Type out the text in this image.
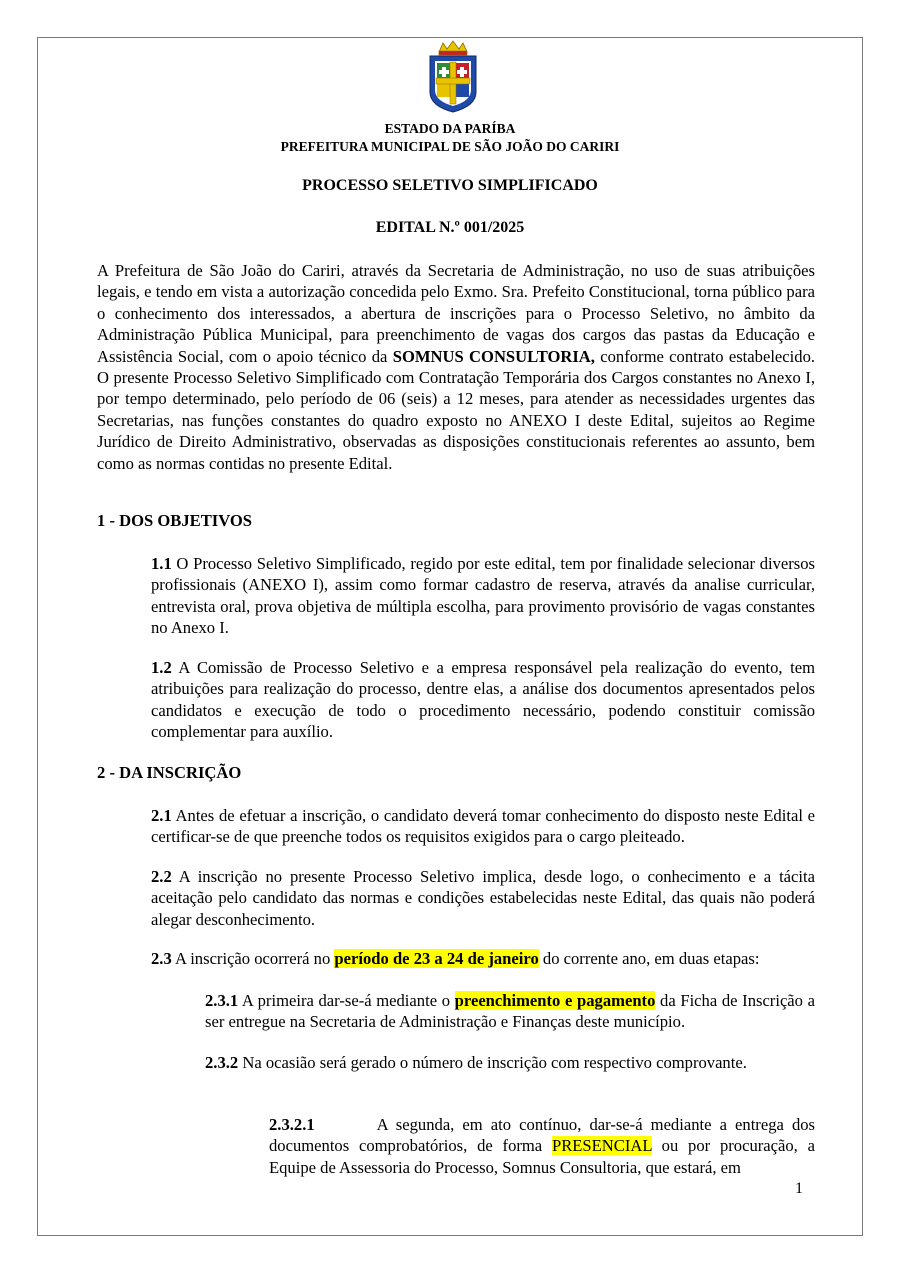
ESTADO DA PARÍBA
PREFEITURA MUNICIPAL DE SÃO JOÃO DO CARIRI
PROCESSO SELETIVO SIMPLIFICADO
EDITAL N.º 001/2025

A Prefeitura de São João do Cariri, através da Secretaria de Administração, no uso de suas atribuições legais, e tendo em vista a autorização concedida pelo Exmo. Sra. Prefeito Constitucional, torna público para o conhecimento dos interessados, a abertura de inscrições para o Processo Seletivo, no âmbito da Administração Pública Municipal, para preenchimento de vagas dos cargos das pastas da Educação e Assistência Social, com o apoio técnico da SOMNUS CONSULTORIA, conforme contrato estabelecido. O presente Processo Seletivo Simplificado com Contratação Temporária dos Cargos constantes no Anexo I, por tempo determinado, pelo período de 06 (seis) a 12 meses, para atender as necessidades urgentes das Secretarias, nas funções constantes do quadro exposto no ANEXO I deste Edital, sujeitos ao Regime Jurídico de Direito Administrativo, observadas as disposições constitucionais referentes ao assunto, bem como as normas contidas no presente Edital.

1 - DOS OBJETIVOS

1.1 O Processo Seletivo Simplificado, regido por este edital, tem por finalidade selecionar diversos profissionais (ANEXO I), assim como formar cadastro de reserva, através da analise curricular, entrevista oral, prova objetiva de múltipla escolha, para provimento provisório de vagas constantes no Anexo I.

1.2 A Comissão de Processo Seletivo e a empresa responsável pela realização do evento, tem atribuições para realização do processo, dentre elas, a análise dos documentos apresentados pelos candidatos e execução de todo o procedimento necessário, podendo constituir comissão complementar para auxílio.

2 - DA INSCRIÇÃO

2.1 Antes de efetuar a inscrição, o candidato deverá tomar conhecimento do disposto neste Edital e certificar-se de que preenche todos os requisitos exigidos para o cargo pleiteado.

2.2 A inscrição no presente Processo Seletivo implica, desde logo, o conhecimento e a tácita aceitação pelo candidato das normas e condições estabelecidas neste Edital, das quais não poderá alegar desconhecimento.

2.3 A inscrição ocorrerá no período de 23 a 24 de janeiro do corrente ano, em duas etapas:

2.3.1 A primeira dar-se-á mediante o preenchimento e pagamento da Ficha de Inscrição a ser entregue na Secretaria de Administração e Finanças deste município.

2.3.2 Na ocasião será gerado o número de inscrição com respectivo comprovante.

2.3.2.1	A segunda, em ato contínuo, dar-se-á mediante a entrega dos documentos comprobatórios, de forma PRESENCIAL ou por procuração, a Equipe de Assessoria do Processo, Somnus Consultoria, que estará, em

1
